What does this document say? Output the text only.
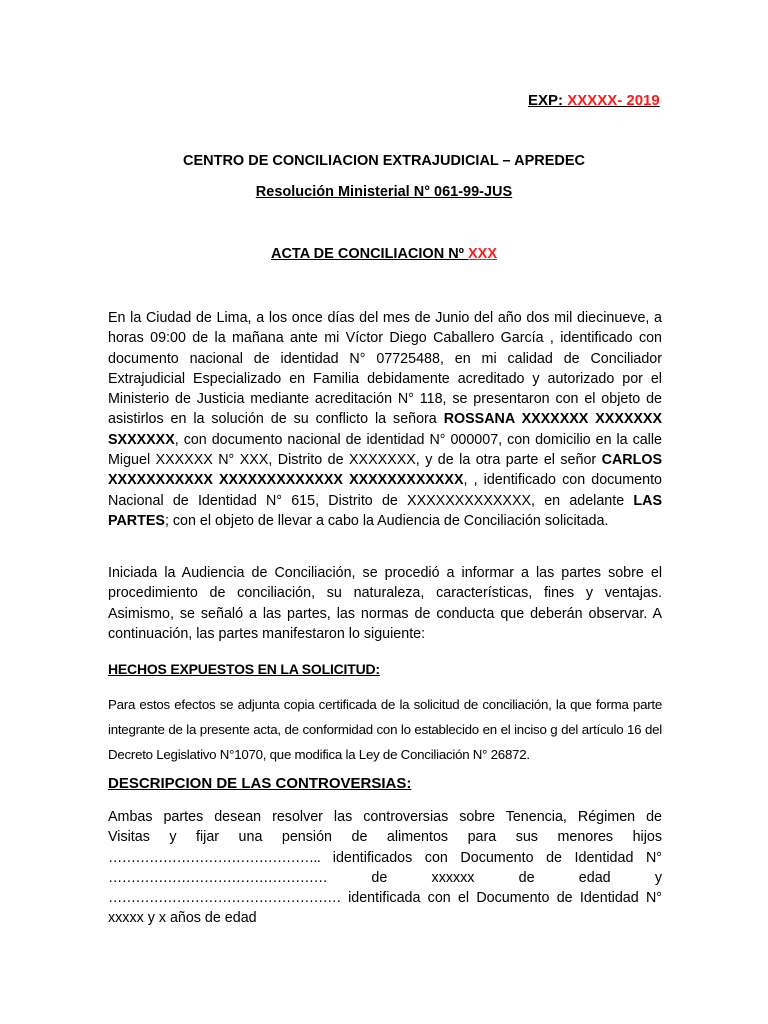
EXP: XXXXX- 2019
CENTRO DE CONCILIACION EXTRAJUDICIAL – APREDEC
Resolución Ministerial N° 061-99-JUS
ACTA DE CONCILIACION Nº XXX
En la Ciudad de Lima, a los once días del mes de Junio del año dos mil diecinueve, a horas 09:00 de la mañana ante mi Víctor Diego Caballero García , identificado con documento nacional de identidad N° 07725488, en mi calidad de Conciliador Extrajudicial Especializado en Familia debidamente acreditado y autorizado por el Ministerio de Justicia mediante acreditación N° 118, se presentaron con el objeto de asistirlos en la solución de su conflicto la señora ROSSANA XXXXXXX XXXXXXX SXXXXXX, con documento nacional de identidad N° 000007, con domicilio en la calle Miguel XXXXXX N° XXX, Distrito de XXXXXXX, y de la otra parte el señor CARLOS XXXXXXXXXXX XXXXXXXXXXXXX XXXXXXXXXXXX, , identificado con documento Nacional de Identidad N° 615, Distrito de XXXXXXXXXXXXX, en adelante LAS PARTES; con el objeto de llevar a cabo la Audiencia de Conciliación solicitada.
Iniciada la Audiencia de Conciliación, se procedió a informar a las partes sobre el procedimiento de conciliación, su naturaleza, características, fines y ventajas. Asimismo, se señaló a las partes, las normas de conducta que deberán observar. A continuación, las partes manifestaron lo siguiente:
HECHOS EXPUESTOS EN LA SOLICITUD:
Para estos efectos se adjunta copia certificada de la solicitud de conciliación, la que forma parte integrante de la presente acta, de conformidad con lo establecido en el inciso g del artículo 16 del Decreto Legislativo N°1070, que modifica la Ley de Conciliación N° 26872.
DESCRIPCION DE LAS CONTROVERSIAS:
Ambas partes desean resolver las controversias sobre Tenencia, Régimen de
Visitas y fijar una pensión de alimentos para sus menores hijos
……………………………………….. identificados con Documento de Identidad N°
…………………………………………	de xxxxxx de edad y
…………………………………………… identificada con el Documento de Identidad N°
xxxxx y x años de edad
